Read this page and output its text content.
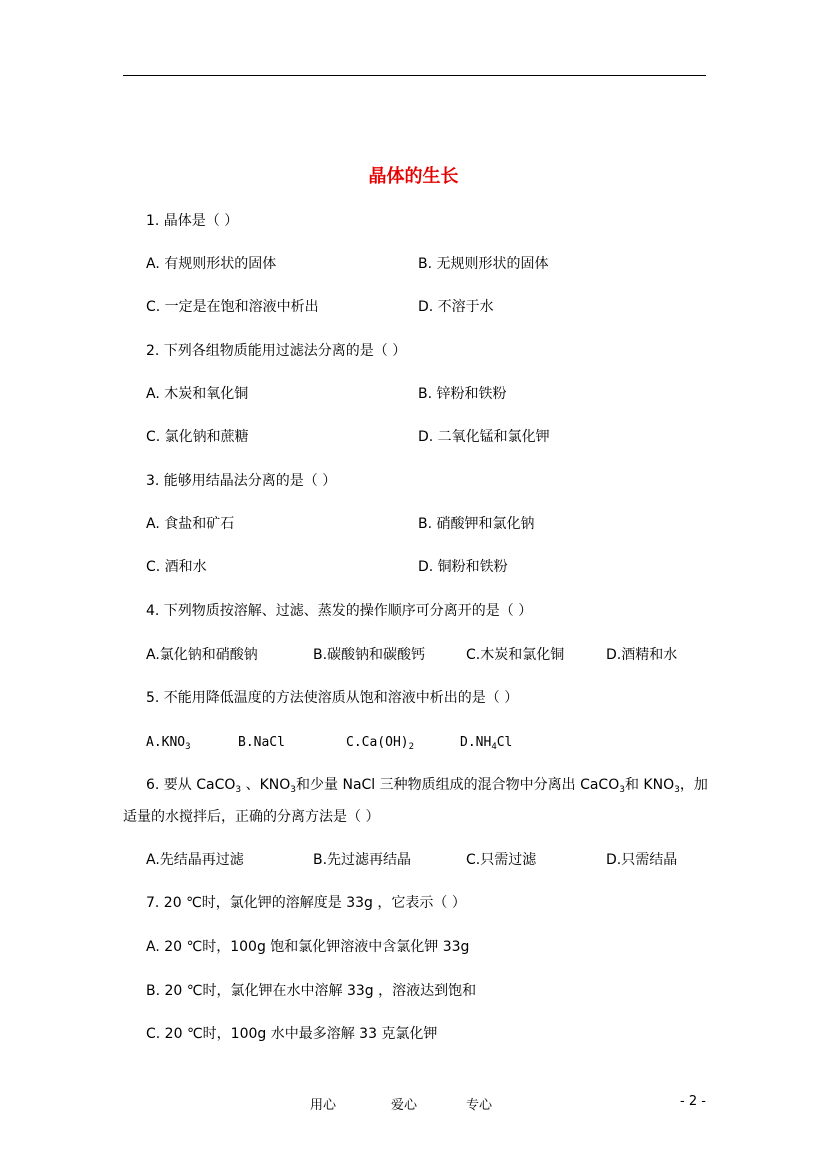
晶体的生长
1. 晶体是（ ）
A. 有规则形状的固体	B. 无规则形状的固体
C. 一定是在饱和溶液中析出	D. 不溶于水
2. 下列各组物质能用过滤法分离的是（ ）
A. 木炭和氧化铜	B. 锌粉和铁粉
C. 氯化钠和蔗糖	D. 二氧化锰和氯化钾
3. 能够用结晶法分离的是（ ）
A. 食盐和矿石	B. 硝酸钾和氯化钠
C. 酒和水	D. 铜粉和铁粉
4. 下列物质按溶解、过滤、蒸发的操作顺序可分离开的是（ ）
A.氯化钠和硝酸钠	B.碳酸钠和碳酸钙	C.木炭和氯化铜	D.酒精和水
5. 不能用降低温度的方法使溶质从饱和溶液中析出的是（ ）
$A.KNO_3$	B.NaCl	$C.Ca(OH)_2$	$D.NH_4Cl$
6. 要从 CaCO$_3$ 、$KNO_3$和少量 NaCl 三种物质组成的混合物中分离出 CaCO$_3$和 $KNO_3$，加
适量的水搅拌后，正确的分离方法是（ ）
A.先结晶再过滤	B.先过滤再结晶	C.只需过滤	D.只需结晶
7. 20 ℃时，氯化钾的溶解度是 33g ，它表示（ ）
A. 20 ℃时，100g 饱和氯化钾溶液中含氯化钾 33g
B. 20 ℃时，氯化钾在水中溶解 33g ，溶液达到饱和
C. 20 ℃时，100g 水中最多溶解 33 克氯化钾
用心	爱心	专心	- 2 -
